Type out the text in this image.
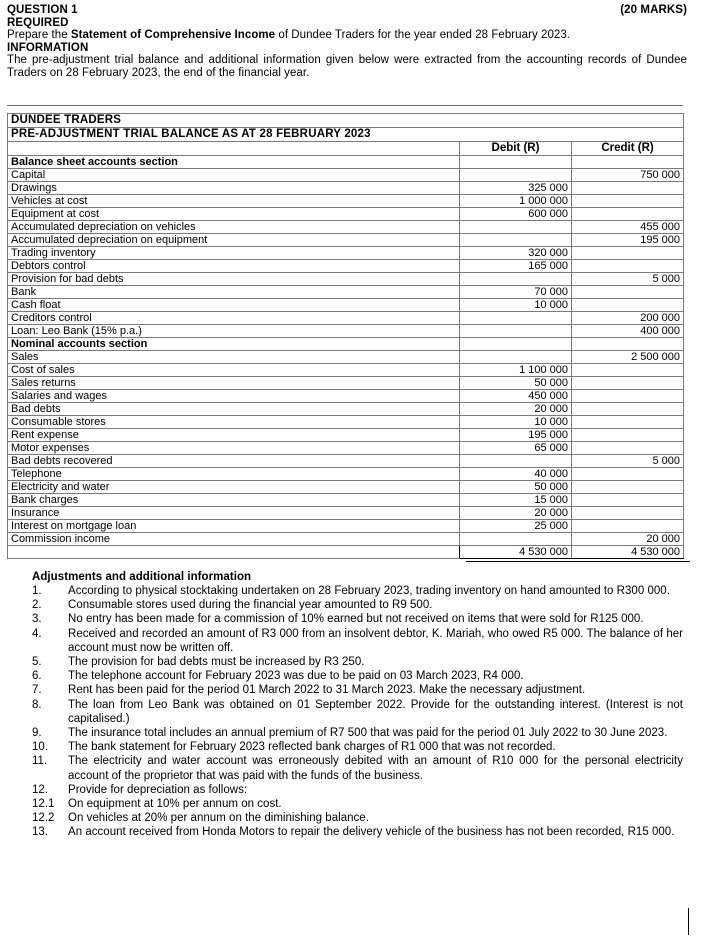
QUESTION 1	(20 MARKS)
REQUIRED
Prepare the Statement of Comprehensive Income of Dundee Traders for the year ended 28 February 2023.
INFORMATION
The pre-adjustment trial balance and additional information given below were extracted from the accounting records of Dundee Traders on 28 February 2023, the end of the financial year.
DUNDEE TRADERS		
PRE-ADJUSTMENT TRIAL BALANCE AS AT 28 FEBRUARY 2023		
	Debit (R)	Credit (R)
Balance sheet accounts section		
Capital		750 000
Drawings	325 000	
Vehicles at cost	1 000 000	
Equipment at cost	600 000	
Accumulated depreciation on vehicles		455 000
Accumulated depreciation on equipment		195 000
Trading inventory	320 000	
Debtors control	165 000	
Provision for bad debts		5 000
Bank	70 000	
Cash float	10 000	
Creditors control		200 000
Loan: Leo Bank (15% p.a.)		400 000
Nominal accounts section		
Sales		2 500 000
Cost of sales	1 100 000	
Sales returns	50 000	
Salaries and wages	450 000	
Bad debts	20 000	
Consumable stores	10 000	
Rent expense	195 000	
Motor expenses	65 000	
Bad debts recovered		5 000
Telephone	40 000	
Electricity and water	50 000	
Bank charges	15 000	
Insurance	20 000	
Interest on mortgage loan	25 000	
Commission income		20 000
	4 530 000	4 530 000
Adjustments and additional information
1.	According to physical stocktaking undertaken on 28 February 2023, trading inventory on hand amounted to R300 000.
2.	Consumable stores used during the financial year amounted to R9 500.
3.	No entry has been made for a commission of 10% earned but not received on items that were sold for R125 000.
4.	Received and recorded an amount of R3 000 from an insolvent debtor, K. Mariah, who owed R5 000. The balance of her account must now be written off.
5.	The provision for bad debts must be increased by R3 250.
6.	The telephone account for February 2023 was due to be paid on 03 March 2023, R4 000.
7.	Rent has been paid for the period 01 March 2022 to 31 March 2023. Make the necessary adjustment.
8.	The loan from Leo Bank was obtained on 01 September 2022. Provide for the outstanding interest. (Interest is not capitalised.)
9.	The insurance total includes an annual premium of R7 500 that was paid for the period 01 July 2022 to 30 June 2023.
10.	The bank statement for February 2023 reflected bank charges of R1 000 that was not recorded.
11.	The electricity and water account was erroneously debited with an amount of R10 000 for the personal electricity account of the proprietor that was paid with the funds of the business.
12.	Provide for depreciation as follows:
12.1	On equipment at 10% per annum on cost.
12.2	On vehicles at 20% per annum on the diminishing balance.
13.	An account received from Honda Motors to repair the delivery vehicle of the business has not been recorded, R15 000.
